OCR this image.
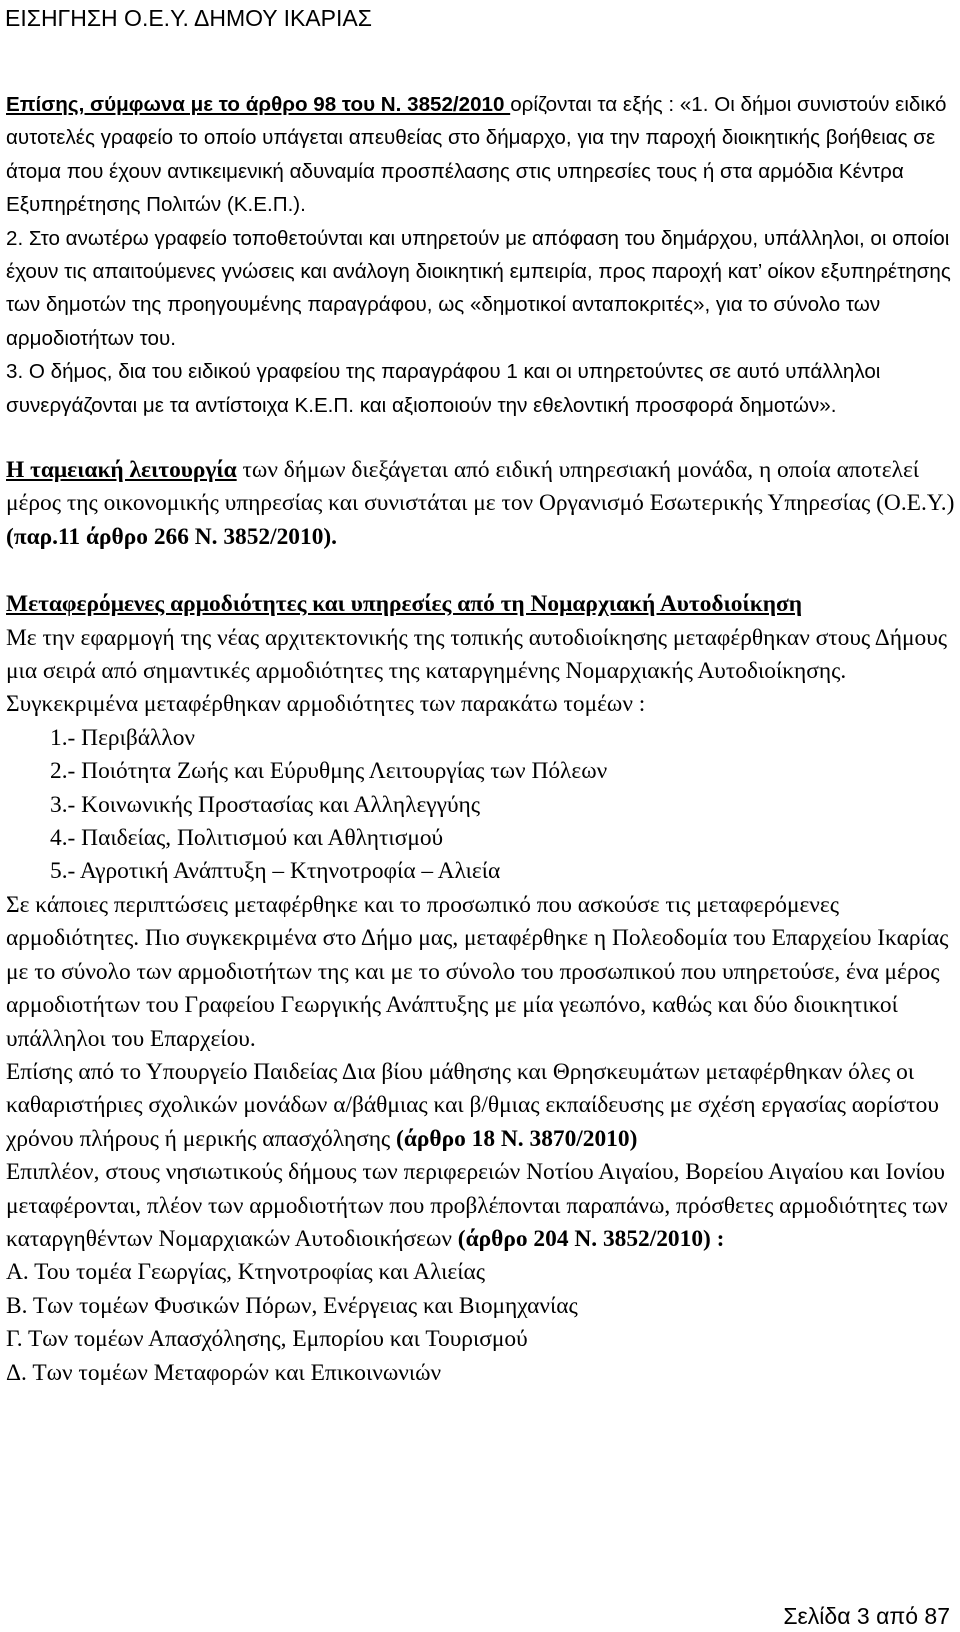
ΕΙΣΗΓΗΣΗ Ο.Ε.Υ. ΔΗΜΟΥ ΙΚΑΡΙΑΣ

Επίσης, σύμφωνα με το άρθρο 98 του Ν. 3852/2010 ορίζονται τα εξής : «1. Οι δήμοι συνιστούν ειδικό αυτοτελές γραφείο το οποίο υπάγεται απευθείας στο δήμαρχο, για την παροχή διοικητικής βοήθειας σε άτομα που έχουν αντικειμενική αδυναμία προσπέλασης στις υπηρεσίες τους ή στα αρμόδια Κέντρα Εξυπηρέτησης Πολιτών (Κ.Ε.Π.).

2. Στο ανωτέρω γραφείο τοποθετούνται και υπηρετούν με απόφαση του δημάρχου, υπάλληλοι, οι οποίοι έχουν τις απαιτούμενες γνώσεις και ανάλογη διοικητική εμπειρία, προς παροχή κατ’ οίκον εξυπηρέτησης των δημοτών της προηγουμένης παραγράφου, ως «δημοτικοί ανταποκριτές», για το σύνολο των αρμοδιοτήτων του.

3. Ο δήμος, δια του ειδικού γραφείου της παραγράφου 1 και οι υπηρετούντες σε αυτό υπάλληλοι συνεργάζονται με τα αντίστοιχα Κ.Ε.Π. και αξιοποιούν την εθελοντική προσφορά δημοτών».

Η ταμειακή λειτουργία των δήμων διεξάγεται από ειδική υπηρεσιακή μονάδα, η οποία αποτελεί μέρος της οικονομικής υπηρεσίας και συνιστάται με τον Οργανισμό Εσωτερικής Υπηρεσίας (Ο.Ε.Υ.) (παρ.11 άρθρο 266 Ν. 3852/2010).

Μεταφερόμενες αρμοδιότητες και υπηρεσίες από τη Νομαρχιακή Αυτοδιοίκηση

Με την εφαρμογή της νέας αρχιτεκτονικής της τοπικής αυτοδιοίκησης μεταφέρθηκαν στους Δήμους μια σειρά από σημαντικές αρμοδιότητες της καταργημένης Νομαρχιακής Αυτοδιοίκησης. Συγκεκριμένα μεταφέρθηκαν αρμοδιότητες των παρακάτω τομέων :

1.- Περιβάλλον

2.- Ποιότητα Ζωής και Εύρυθμης Λειτουργίας των Πόλεων

3.- Κοινωνικής Προστασίας και Αλληλεγγύης

4.- Παιδείας, Πολιτισμού και Αθλητισμού

5.- Αγροτική Ανάπτυξη – Κτηνοτροφία – Αλιεία

Σε κάποιες περιπτώσεις μεταφέρθηκε και το προσωπικό που ασκούσε τις μεταφερόμενες αρμοδιότητες. Πιο συγκεκριμένα στο Δήμο μας, μεταφέρθηκε η Πολεοδομία του Επαρχείου Ικαρίας με το σύνολο των αρμοδιοτήτων της και με το σύνολο του προσωπικού που υπηρετούσε, ένα μέρος αρμοδιοτήτων του Γραφείου Γεωργικής Ανάπτυξης με μία γεωπόνο, καθώς και δύο διοικητικοί υπάλληλοι του Επαρχείου.

Επίσης από το Υπουργείο Παιδείας Δια βίου μάθησης και Θρησκευμάτων μεταφέρθηκαν όλες οι καθαριστήριες σχολικών μονάδων α/βάθμιας και β/θμιας εκπαίδευσης με σχέση εργασίας αορίστου χρόνου πλήρους ή μερικής απασχόλησης (άρθρο 18 Ν. 3870/2010)

Επιπλέον, στους νησιωτικούς δήμους των περιφερειών Νοτίου Αιγαίου, Βορείου Αιγαίου και Ιονίου μεταφέρονται, πλέον των αρμοδιοτήτων που προβλέπονται παραπάνω, πρόσθετες αρμοδιότητες των καταργηθέντων Νομαρχιακών Αυτοδιοικήσεων (άρθρο 204 Ν. 3852/2010) :

Α. Του τομέα Γεωργίας, Κτηνοτροφίας και Αλιείας

Β. Των τομέων Φυσικών Πόρων, Ενέργειας και Βιομηχανίας

Γ. Των τομέων Απασχόλησης, Εμπορίου και Τουρισμού

Δ. Των τομέων Μεταφορών και Επικοινωνιών

Σελίδα 3 από 87
